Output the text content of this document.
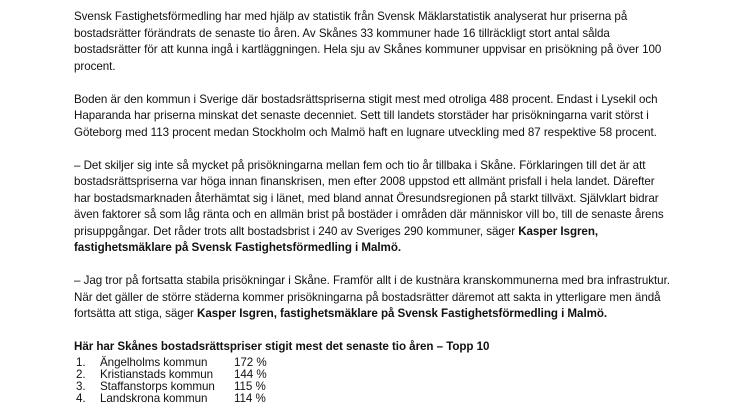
Svensk Fastighetsförmedling har med hjälp av statistik från Svensk Mäklarstatistik analyserat hur priserna på bostadsrätter förändrats de senaste tio åren. Av Skånes 33 kommuner hade 16 tillräckligt stort antal sålda bostadsrätter för att kunna ingå i kartläggningen. Hela sju av Skånes kommuner uppvisar en prisökning på över 100 procent.

Boden är den kommun i Sverige där bostadsrättspriserna stigit mest med otroliga 488 procent. Endast i Lysekil och Haparanda har priserna minskat det senaste decenniet. Sett till landets storstäder har prisökningarna varit störst i Göteborg med 113 procent medan Stockholm och Malmö haft en lugnare utveckling med 87 respektive 58 procent.

– Det skiljer sig inte så mycket på prisökningarna mellan fem och tio år tillbaka i Skåne. Förklaringen till det är att bostadsrättspriserna var höga innan finanskrisen, men efter 2008 uppstod ett allmänt prisfall i hela landet. Därefter har bostadsmarknaden återhämtat sig i länet, med bland annat Öresundsregionen på starkt tillväxt. Självklart bidrar även faktorer så som låg ränta och en allmän brist på bostäder i områden där människor vill bo, till de senaste årens prisuppgångar. Det råder trots allt bostadsbrist i 240 av Sveriges 290 kommuner, säger Kasper Isgren, fastighetsmäklare på Svensk Fastighetsförmedling i Malmö.

– Jag tror på fortsatta stabila prisökningar i Skåne. Framför allt i de kustnära kranskommunerna med bra infrastruktur. När det gäller de större städerna kommer prisökningarna på bostadsrätter däremot att sakta in ytterligare men ändå fortsätta att stiga, säger Kasper Isgren, fastighetsmäklare på Svensk Fastighetsförmedling i Malmö.

Här har Skånes bostadsrättspriser stigit mest det senaste tio åren – Topp 10

1.	Ängelholms kommun	172 %
2.	Kristianstads kommun	144 %
3.	Staffanstorps kommun	115 %
4.	Landskrona kommun	114 %
